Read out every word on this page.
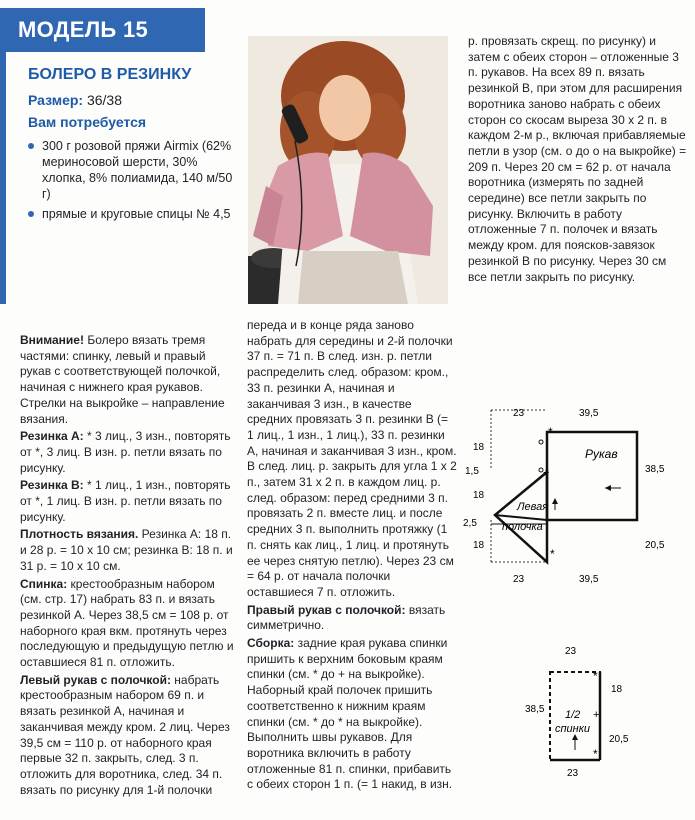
МОДЕЛЬ 15
БОЛЕРО В РЕЗИНКУ
Размер: 36/38
Вам потребуется
300 г розовой пряжи Airmix (62% мериносовой шерсти, 30% хлопка, 8% полиамида, 140 м/50 г)
прямые и круговые спицы № 4,5

Внимание! Болеро вязать тремя частями: спинку, левый и правый рукав с соответствующей полочкой, начиная с нижнего края рукавов. Стрелки на выкройке – направление вязания.

Резинка А: * 3 лиц., 3 изн., повторять от *, 3 лиц. В изн. р. петли вязать по рисунку.

Резинка В: * 1 лиц., 1 изн., повторять от *, 1 лиц. В изн. р. петли вязать по рисунку.

Плотность вязания. Резинка А: 18 п. и 28 р. = 10 х 10 см; резинка В: 18 п. и 31 р. = 10 х 10 см.

Спинка: крестообразным набором (см. стр. 17) набрать 83 п. и вязать резинкой А. Через 38,5 см = 108 р. от наборного края вкм. протянуть через последующую и предыдущую петлю и оставшиеся 81 п. отложить.

Левый рукав с полочкой: набрать крестообразным набором 69 п. и вязать резинкой А, начиная и заканчивая между кром. 2 лиц. Через 39,5 см = 110 р. от наборного края первые 32 п. закрыть, след. 3 п. отложить для воротника, след. 34 п. вязать по рисунку для 1-й полочки

переда и в конце ряда заново набрать для середины и 2-й полочки 37 п. = 71 п. В след. изн. р. петли распределить след. образом: кром., 33 п. резинки А, начиная и заканчивая 3 изн., в качестве средних провязать 3 п. резинки В (= 1 лиц., 1 изн., 1 лиц.), 33 п. резинки А, начиная и заканчивая 3 изн., кром. В след. лиц. р. закрыть для угла 1 х 2 п., затем 31 х 2 п. в каждом лиц. р. след. образом: перед средними 3 п. провязать 2 п. вместе лиц. и после средних 3 п. выполнить протяжку (1 п. снять как лиц., 1 лиц. и протянуть ее через снятую петлю). Через 23 см = 64 р. от начала полочки оставшиеся 7 п. отложить.

Правый рукав с полочкой: вязать симметрично.

Сборка: задние края рукава спинки пришить к верхним боковым краям спинки (см. * до + на выкройке). Наборный край полочек пришить соответственно к нижним краям спинки (см. * до * на выкройке). Выполнить швы рукавов. Для воротника включить в работу отложенные 81 п. спинки, прибавить с обеих сторон 1 п. (= 1 накид, в изн.

р. провязать скрещ. по рисунку) и затем с обеих сторон – отложенные 3 п. рукавов. На всех 89 п. вязать резинкой В, при этом для расширения воротника заново набрать с обеих сторон со скосам выреза 30 х 2 п. в каждом 2-м р., включая прибавляемые петли в узор (см. о до о на выкройке) = 209 п. Через 20 см = 62 р. от начала воротника (измерять по задней середине) все петли закрыть по рисунку. Включить в работу отложенные 7 п. полочек и вязать между кром. для поясков-завязок резинкой В по рисунку. Через 30 см все петли закрыть по рисунку.

*
*
+
Рукав
Левая
полочка
23	39,5
38,5
20,5
18
1,5
18
2,5
18
23	39,5
*
+
*
1/2
спинки
23
38,5
18
20,5
23
